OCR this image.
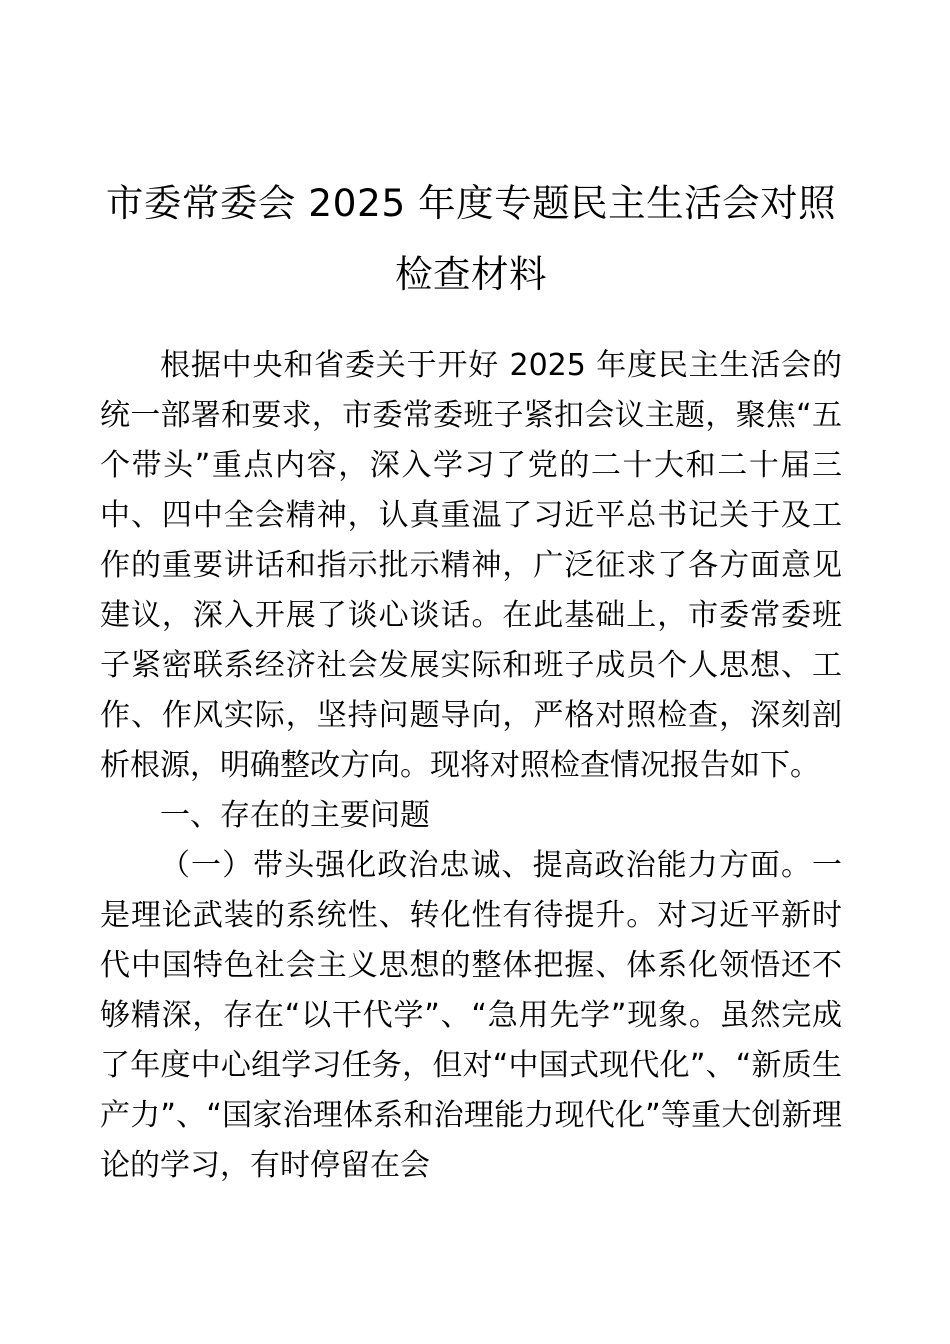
市委常委会 2025 年度专题民主生活会对照
检查材料

根据中央和省委关于开好 2025 年度民主生活会的统一部署和要求，市委常委班子紧扣会议主题，聚焦“五个带头”重点内容，深入学习了党的二十大和二十届三中、四中全会精神，认真重温了习近平总书记关于及工作的重要讲话和指示批示精神，广泛征求了各方面意见建议，深入开展了谈心谈话。在此基础上，市委常委班子紧密联系经济社会发展实际和班子成员个人思想、工作、作风实际，坚持问题导向，严格对照检查，深刻剖析根源，明确整改方向。现将对照检查情况报告如下。

一、存在的主要问题

（一）带头强化政治忠诚、提高政治能力方面。一是理论武装的系统性、转化性有待提升。对习近平新时代中国特色社会主义思想的整体把握、体系化领悟还不够精深，存在“以干代学”、“急用先学”现象。虽然完成了年度中心组学习任务，但对“中国式现代化”、“新质生产力”、“国家治理体系和治理能力现代化”等重大创新理论的学习，有时停留在会
